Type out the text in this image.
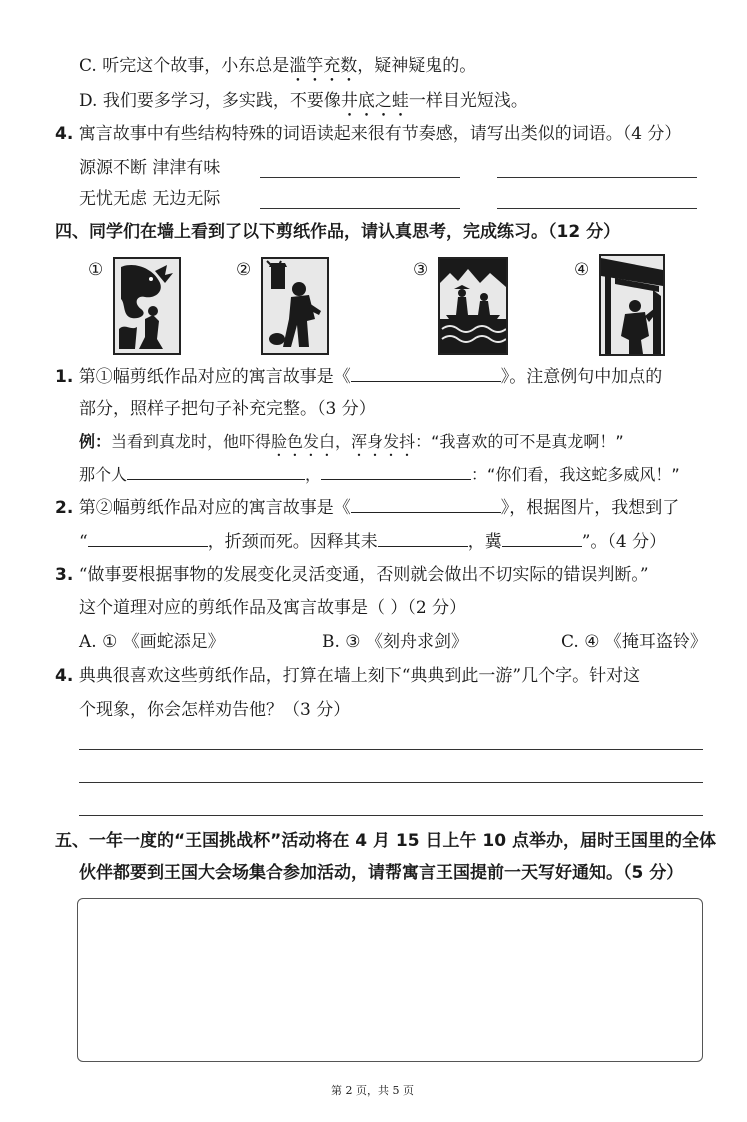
C. 听完这个故事，小东总是滥竽充数，疑神疑鬼的。
D. 我们要多学习，多实践，不要像井底之蛙一样目光短浅。
4. 寓言故事中有些结构特殊的词语读起来很有节奏感，请写出类似的词语。（4 分）
源源不断 津津有味
无忧无虑 无边无际
四、同学们在墙上看到了以下剪纸作品，请认真思考，完成练习。（12 分）
①	②	③	④
1. 第①幅剪纸作品对应的寓言故事是《	》。注意例句中加点的
部分，照样子把句子补充完整。（3 分）
例：当看到真龙时，他吓得脸色发白，浑身发抖：“我喜欢的可不是真龙啊！”
那个人	，	：“你们看，我这蛇多威风！”
2. 第②幅剪纸作品对应的寓言故事是《	》，根据图片，我想到了
“	，折颈而死。因释其耒	，冀	”。（4 分）
3. “做事要根据事物的发展变化灵活变通，否则就会做出不切实际的错误判断。”
这个道理对应的剪纸作品及寓言故事是（ ）（2 分）
A. ① 《画蛇添足》	B. ③ 《刻舟求剑》	C. ④ 《掩耳盗铃》
4. 典典很喜欢这些剪纸作品，打算在墙上刻下“典典到此一游”几个字。针对这
个现象，你会怎样劝告他？（3 分）
五、一年一度的“王国挑战杯”活动将在 4 月 15 日上午 10 点举办，届时王国里的全体
伙伴都要到王国大会场集合参加活动，请帮寓言王国提前一天写好通知。（5 分）
第 2 页，共 5 页
